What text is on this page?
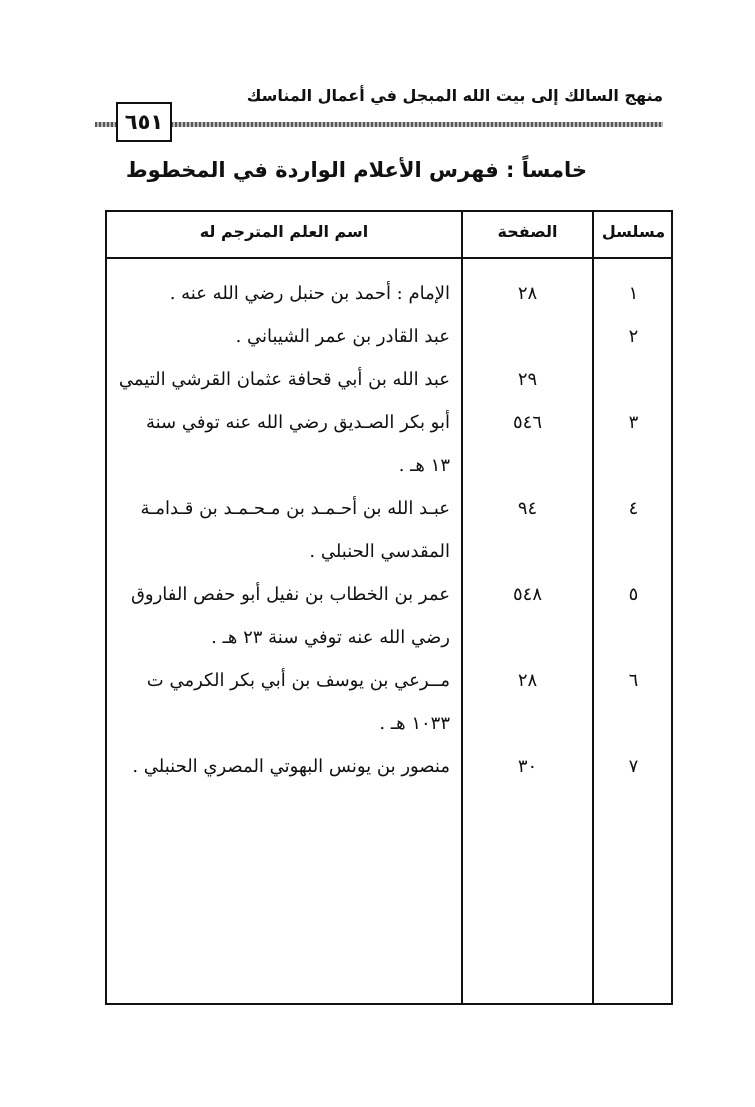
منهج السالك إلى بيت الله المبجل في أعمال المناسك
٦٥١
خامساً : فهرس الأعلام الواردة في المخطوط
مسلسل
الصفحة
اسم العلم المترجم له
١
٢٨
الإمام : أحمد بن حنبل رضي الله عنه .
٢
عبد القادر بن عمر الشيباني .
٢٩
عبد الله بن أبي قحافة عثمان القرشي التيمي
٣
٥٤٦
أبو بكر الصـديق رضي الله عنه توفي سنة
١٣ هـ .
٤
٩٤
عبـد الله بن أحـمـد بن مـحـمـد بن قـدامـة
المقدسي الحنبلي .
٥
٥٤٨
عمر بن الخطاب بن نفيل أبو حفص الفاروق
رضي الله عنه توفي سنة ٢٣ هـ .
٦
٢٨
مــرعي بن يوسف بن أبي بكر الكرمي ت
١٠٣٣ هـ .
٧
٣٠
منصور بن يونس البهوتي المصري الحنبلي .
